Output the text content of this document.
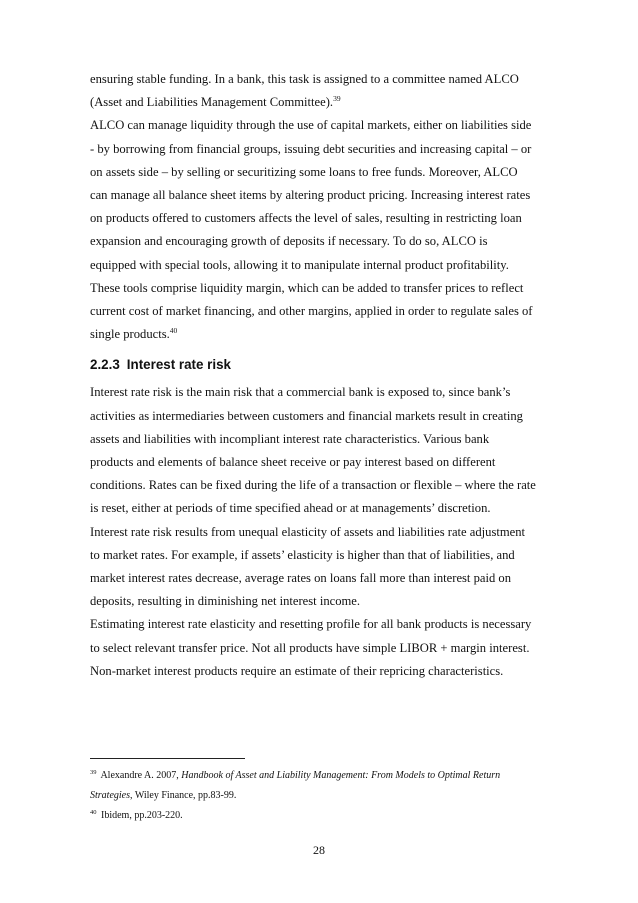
ensuring stable funding. In a bank, this task is assigned to a committee named ALCO
(Asset and Liabilities Management Committee).$^{39}$

ALCO can manage liquidity through the use of capital markets, either on liabilities side
- by borrowing from financial groups, issuing debt securities and increasing capital – or
on assets side – by selling or securitizing some loans to free funds. Moreover, ALCO
can manage all balance sheet items by altering product pricing. Increasing interest rates
on products offered to customers affects the level of sales, resulting in restricting loan
expansion and encouraging growth of deposits if necessary. To do so, ALCO is
equipped with special tools, allowing it to manipulate internal product profitability.
These tools comprise liquidity margin, which can be added to transfer prices to reflect
current cost of market financing, and other margins, applied in order to regulate sales of
single products.$^{40}$

2.2.3 Interest rate risk

Interest rate risk is the main risk that a commercial bank is exposed to, since bank’s
activities as intermediaries between customers and financial markets result in creating
assets and liabilities with incompliant interest rate characteristics. Various bank
products and elements of balance sheet receive or pay interest based on different
conditions. Rates can be fixed during the life of a transaction or flexible – where the rate
is reset, either at periods of time specified ahead or at managements’ discretion.

Interest rate risk results from unequal elasticity of assets and liabilities rate adjustment
to market rates. For example, if assets’ elasticity is higher than that of liabilities, and
market interest rates decrease, average rates on loans fall more than interest paid on
deposits, resulting in diminishing net interest income.

Estimating interest rate elasticity and resetting profile for all bank products is necessary
to select relevant transfer price. Not all products have simple LIBOR + margin interest.
Non-market interest products require an estimate of their repricing characteristics.

$^{39}$ Alexandre A. 2007, Handbook of Asset and Liability Management: From Models to Optimal Return
Strategies, Wiley Finance, pp.83-99.
$^{40}$ Ibidem, pp.203-220.
28
